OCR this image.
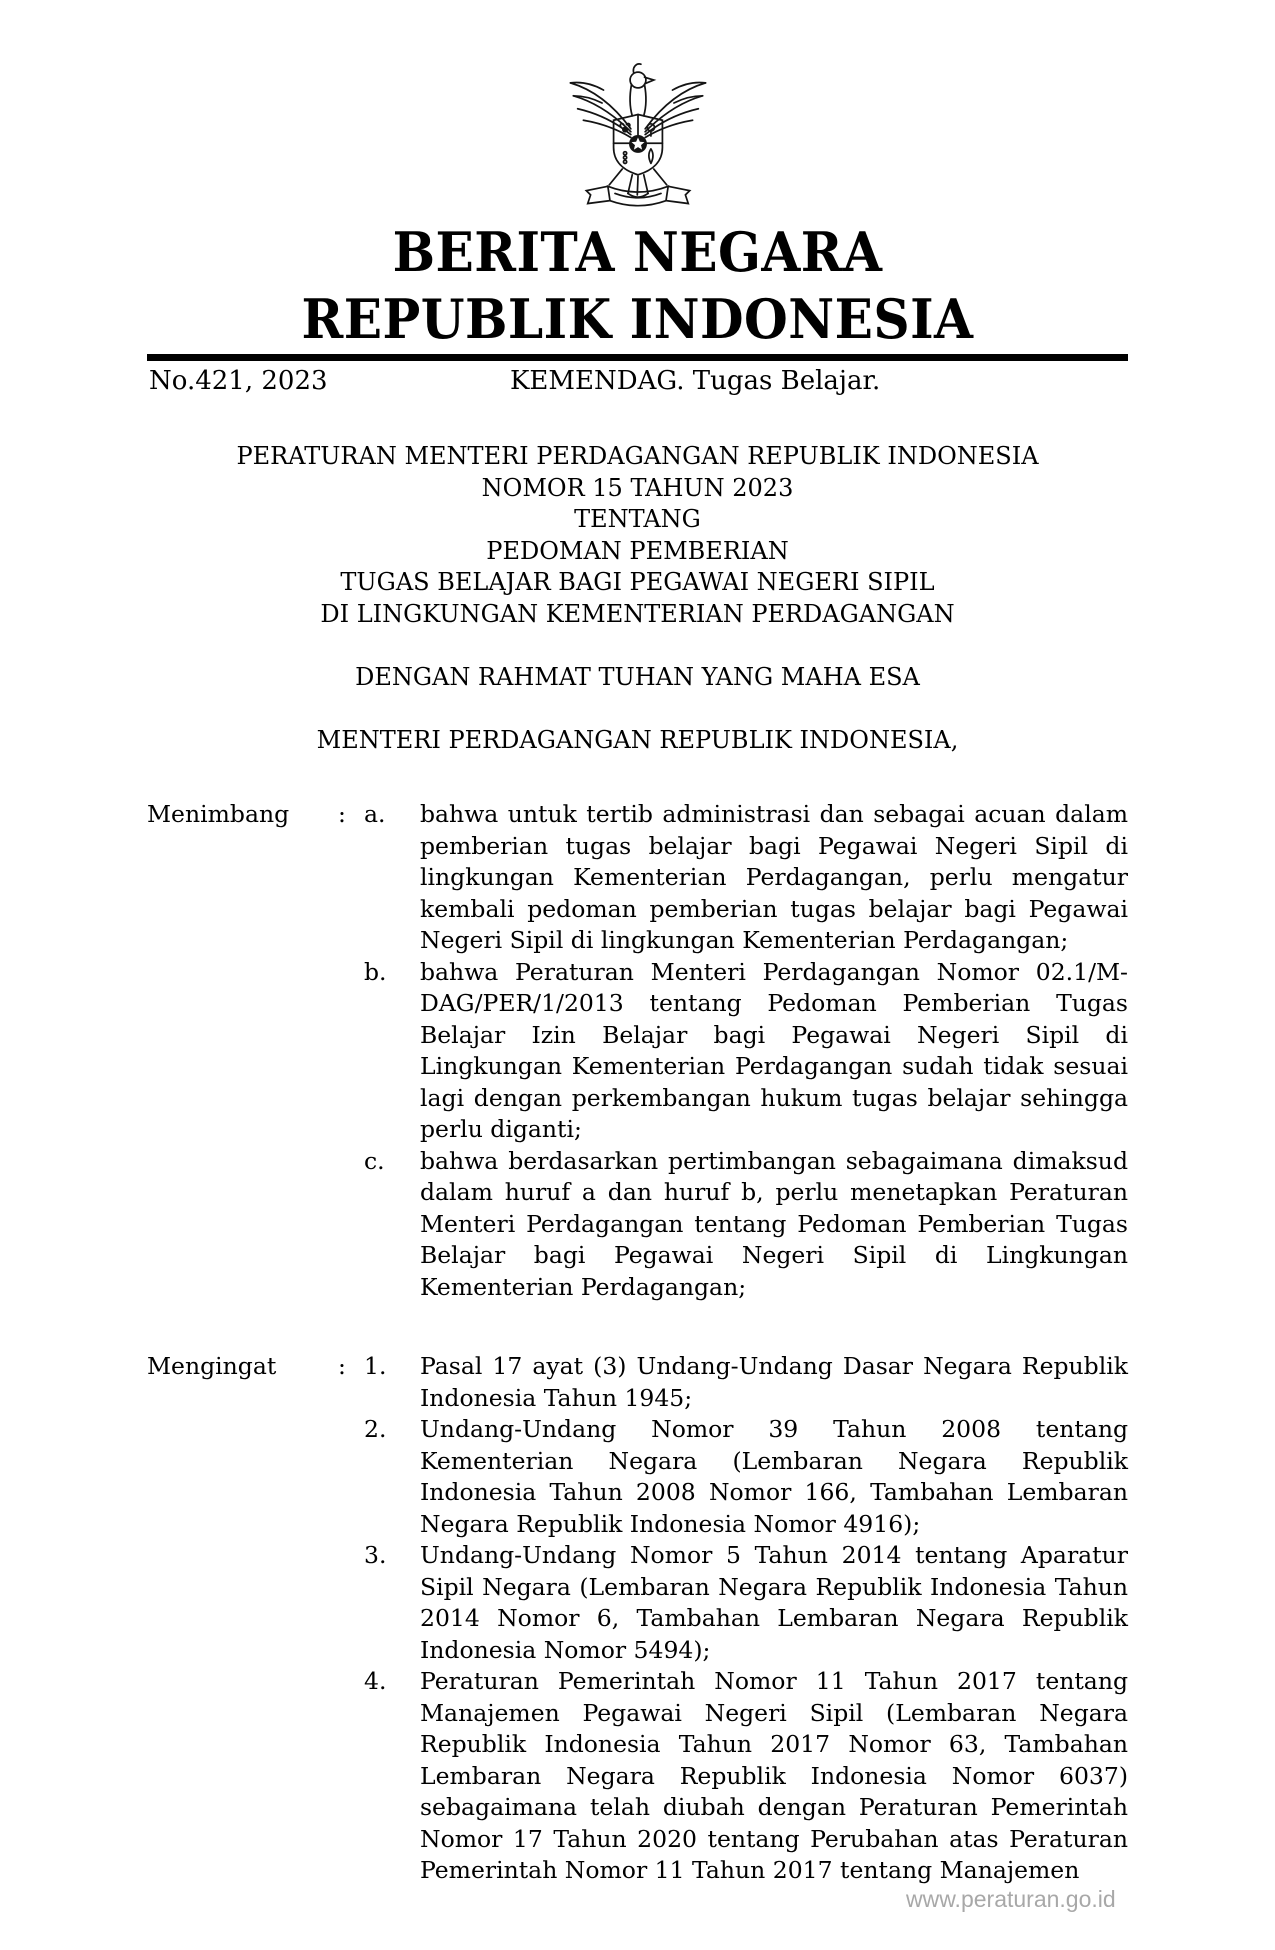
BERITA NEGARA
REPUBLIK INDONESIA
No.421, 2023	KEMENDAG. Tugas Belajar.
PERATURAN MENTERI PERDAGANGAN REPUBLIK INDONESIA
NOMOR 15 TAHUN 2023
TENTANG
PEDOMAN PEMBERIAN
TUGAS BELAJAR BAGI PEGAWAI NEGERI SIPIL
DI LINGKUNGAN KEMENTERIAN PERDAGANGAN
DENGAN RAHMAT TUHAN YANG MAHA ESA
MENTERI PERDAGANGAN REPUBLIK INDONESIA,
Menimbang	: a.	bahwa untuk tertib administrasi dan sebagai acuan dalam pemberian tugas belajar bagi Pegawai Negeri Sipil di lingkungan Kementerian Perdagangan, perlu mengatur kembali pedoman pemberian tugas belajar bagi Pegawai Negeri Sipil di lingkungan Kementerian Perdagangan;
b.	bahwa Peraturan Menteri Perdagangan Nomor 02.1/M-DAG/PER/1/2013 tentang Pedoman Pemberian Tugas Belajar Izin Belajar bagi Pegawai Negeri Sipil di Lingkungan Kementerian Perdagangan sudah tidak sesuai lagi dengan perkembangan hukum tugas belajar sehingga perlu diganti;
c.	bahwa berdasarkan pertimbangan sebagaimana dimaksud dalam huruf a dan huruf b, perlu menetapkan Peraturan Menteri Perdagangan tentang Pedoman Pemberian Tugas Belajar bagi Pegawai Negeri Sipil di Lingkungan Kementerian Perdagangan;
Mengingat	: 1.	Pasal 17 ayat (3) Undang-Undang Dasar Negara Republik Indonesia Tahun 1945;
2.	Undang-Undang Nomor 39 Tahun 2008 tentang Kementerian Negara (Lembaran Negara Republik Indonesia Tahun 2008 Nomor 166, Tambahan Lembaran Negara Republik Indonesia Nomor 4916);
3.	Undang-Undang Nomor 5 Tahun 2014 tentang Aparatur Sipil Negara (Lembaran Negara Republik Indonesia Tahun 2014 Nomor 6, Tambahan Lembaran Negara Republik Indonesia Nomor 5494);
4.	Peraturan Pemerintah Nomor 11 Tahun 2017 tentang Manajemen Pegawai Negeri Sipil (Lembaran Negara Republik Indonesia Tahun 2017 Nomor 63, Tambahan Lembaran Negara Republik Indonesia Nomor 6037) sebagaimana telah diubah dengan Peraturan Pemerintah Nomor 17 Tahun 2020 tentang Perubahan atas Peraturan Pemerintah Nomor 11 Tahun 2017 tentang Manajemen
www.peraturan.go.id
